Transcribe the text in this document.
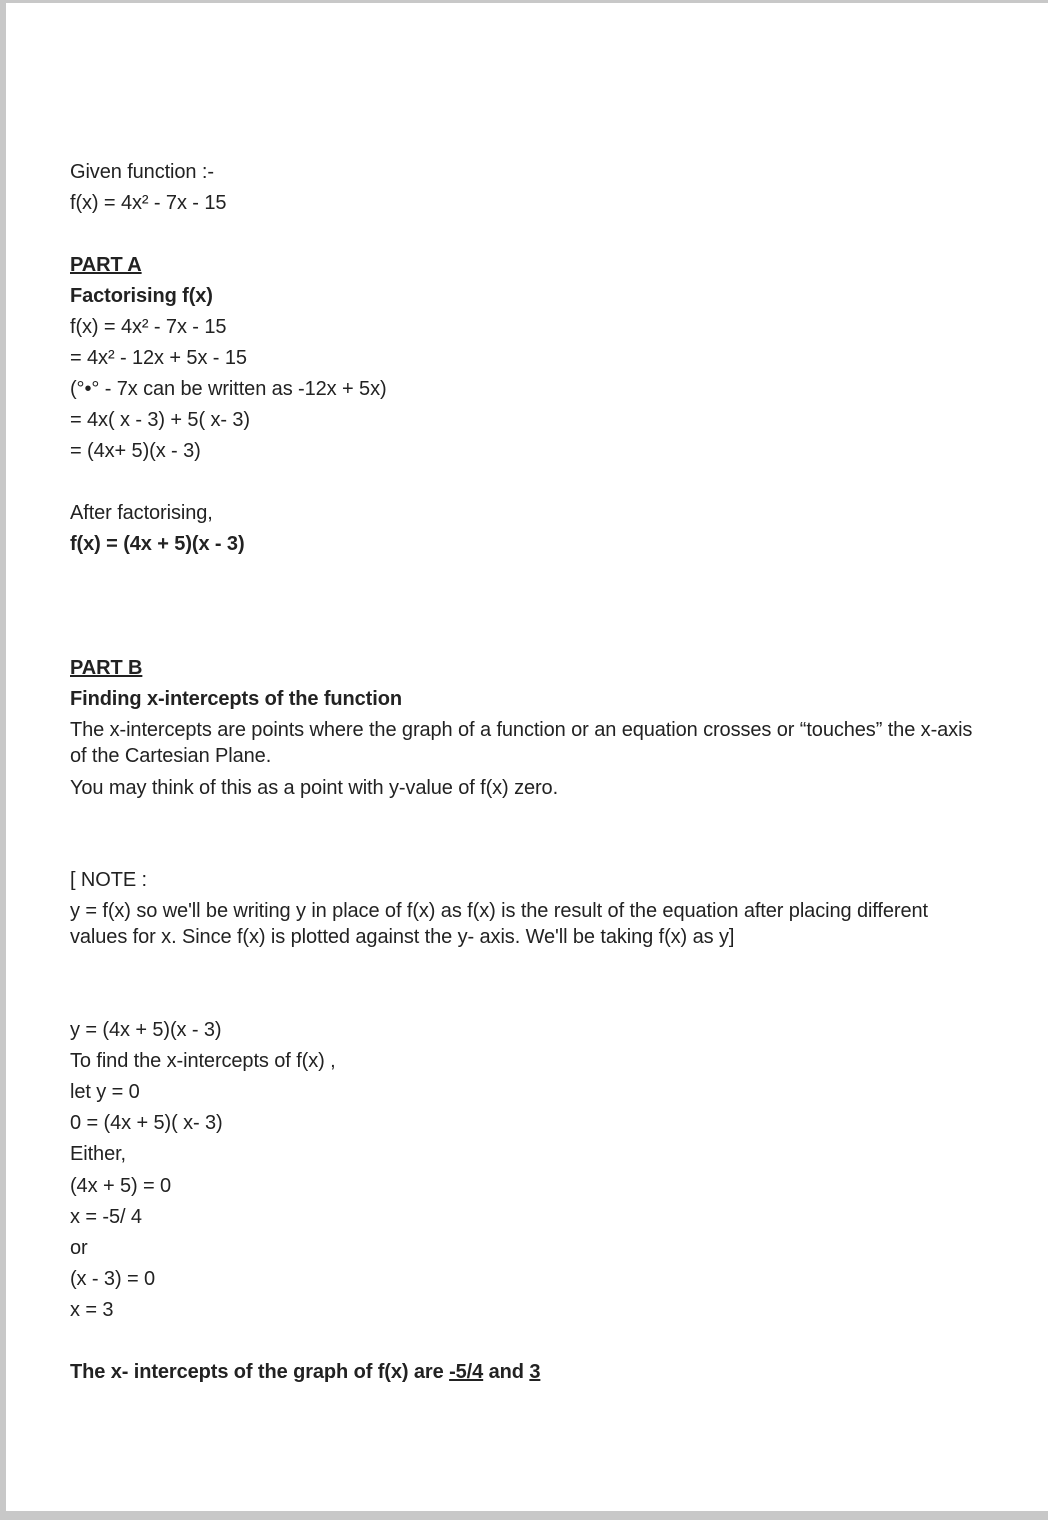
Given function :-
f(x) = 4x² - 7x - 15
PART A
Factorising f(x)
f(x) = 4x² - 7x - 15
= 4x² - 12x + 5x - 15
(°•° - 7x can be written as -12x + 5x)
= 4x( x - 3) + 5( x- 3)
= (4x+ 5)(x - 3)
After factorising,
f(x) = (4x + 5)(x - 3)
PART B
Finding x-intercepts of the function
The x-intercepts are points where the graph of a function or an equation crosses or “touches” the x-axis of the Cartesian Plane.
You may think of this as a point with y-value of f(x) zero.
[ NOTE :
y = f(x) so we'll be writing y in place of f(x) as f(x) is the result of the equation after placing different values for x. Since f(x) is plotted against the y- axis. We'll be taking f(x) as y]
y = (4x + 5)(x - 3)
To find the x-intercepts of f(x) ,
let y = 0
0 = (4x + 5)( x- 3)
Either,
(4x + 5) = 0
x = -5/ 4
or
(x - 3) = 0
x = 3
The x- intercepts of the graph of f(x) are -5/4 and 3
